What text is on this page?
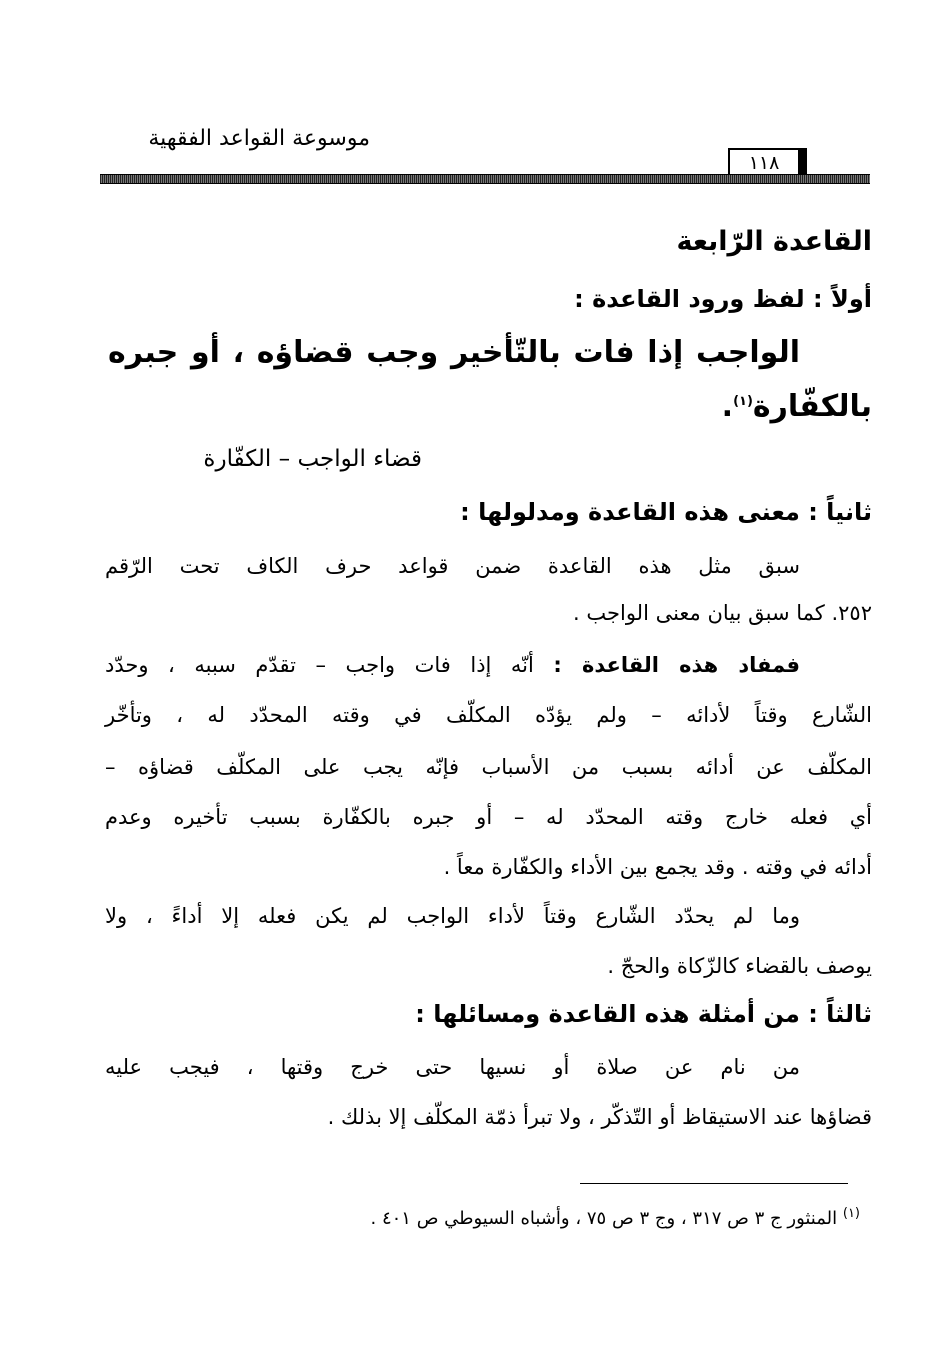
موسوعة القواعد الفقهية
١١٨
القاعدة الرّابعة
أولاً : لفظ ورود القاعدة :
الواجب إذا فات بالتّأخير وجب قضاؤه ، أو جبره
بالكفّارة$^{(١)}$.
قضاء الواجب – الكفّارة
ثانياً : معنى هذه القاعدة ومدلولها :
سبق مثل هذه القاعدة ضمن قواعد حرف الكاف تحت الرّقم
٢٥٢. كما سبق بيان معنى الواجب .
فمفاد هذه القاعدة : أنّه إذا فات واجب – تقدّم سببه ، وحدّد
الشّارع وقتاً لأدائه – ولم يؤدّه المكلّف في وقته المحدّد له ، وتأخّر
المكلّف عن أدائه بسبب من الأسباب فإنّه يجب على المكلّف قضاؤه –
أي فعله خارج وقته المحدّد له – أو جبره بالكفّارة بسبب تأخيره وعدم
أدائه في وقته . وقد يجمع بين الأداء والكفّارة معاً .
وما لم يحدّد الشّارع وقتاً لأداء الواجب لم يكن فعله إلا أداءً ، ولا
يوصف بالقضاء كالزّكاة والحجّ .
ثالثاً : من أمثلة هذه القاعدة ومسائلها :
من نام عن صلاة أو نسيها حتى خرج وقتها ، فيجب عليه
قضاؤها عند الاستيقاظ أو التّذكّر ، ولا تبرأ ذمّة المكلّف إلا بذلك .
$^{(١)}$ المنثور ج ٣ ص ٣١٧ ، وج ٣ ص ٧٥ ، وأشباه السيوطي ص ٤٠١ .
